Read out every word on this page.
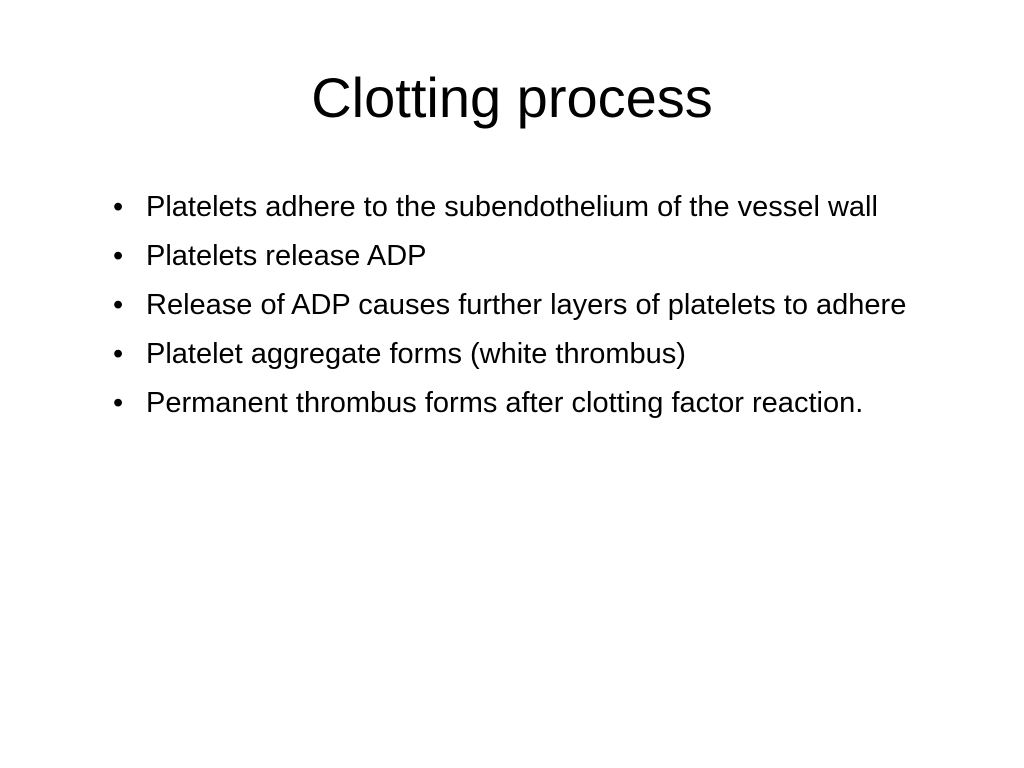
Clotting process
• Platelets adhere to the subendothelium of the vessel wall
• Platelets release ADP
• Release of ADP causes further layers of platelets to adhere
• Platelet aggregate forms (white thrombus)
• Permanent thrombus forms after clotting factor reaction.
